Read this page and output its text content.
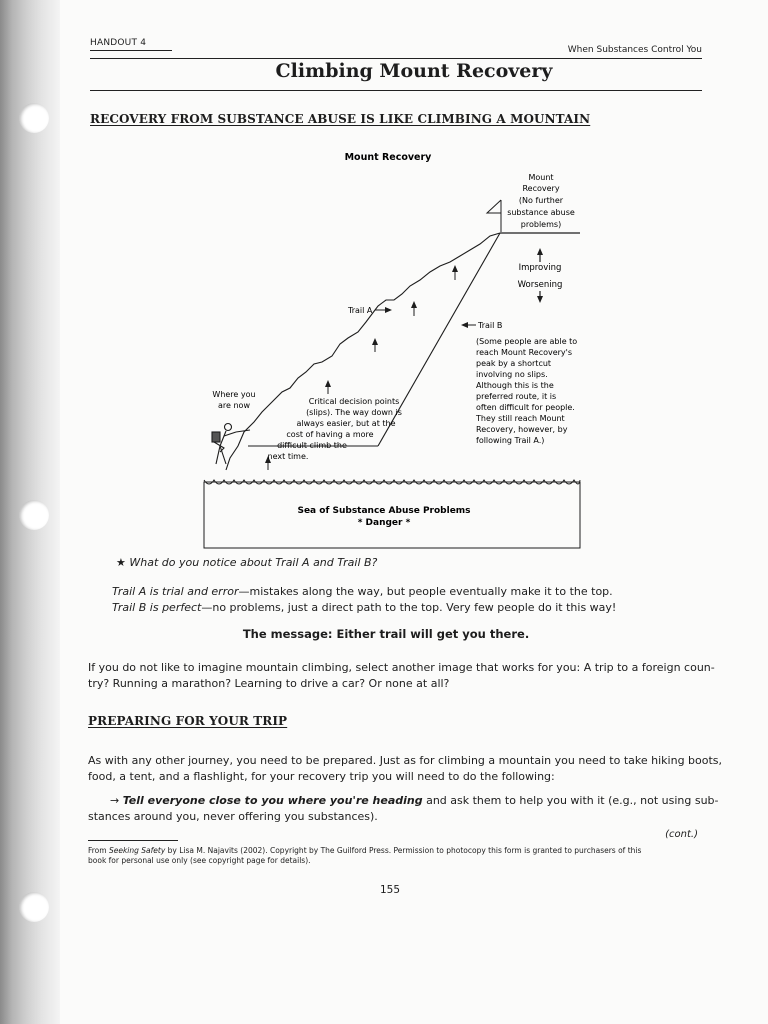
HANDOUT 4
When Substances Control You
Climbing Mount Recovery
RECOVERY FROM SUBSTANCE ABUSE IS LIKE CLIMBING A MOUNTAIN
Mount Recovery
Mount
Recovery
(No further
substance abuse
problems)
Improving
Worsening
Trail A
Trail B
(Some people are able to
reach Mount Recovery's
peak by a shortcut
involving no slips.
Although this is the
preferred route, it is
often difficult for people.
They still reach Mount
Recovery, however, by
following Trail A.)
Where you
are now	Critical decision points
(slips). The way down is
always easier, but at the
cost of having a more
difficult climb the
next time.
Sea of Substance Abuse Problems
* Danger *
★ What do you notice about Trail A and Trail B?
Trail A is trial and error—mistakes along the way, but people eventually make it to the top.
Trail B is perfect—no problems, just a direct path to the top. Very few people do it this way!
The message: Either trail will get you there.
If you do not like to imagine mountain climbing, select another image that works for you: A trip to a foreign coun-
try? Running a marathon? Learning to drive a car? Or none at all?
PREPARING FOR YOUR TRIP
As with any other journey, you need to be prepared. Just as for climbing a mountain you need to take hiking boots,
food, a tent, and a flashlight, for your recovery trip you will need to do the following:
→ Tell everyone close to you where you're heading and ask them to help you with it (e.g., not using sub-
stances around you, never offering you substances).
(cont.)
From Seeking Safety by Lisa M. Najavits (2002). Copyright by The Guilford Press. Permission to photocopy this form is granted to purchasers of this
book for personal use only (see copyright page for details).
155
